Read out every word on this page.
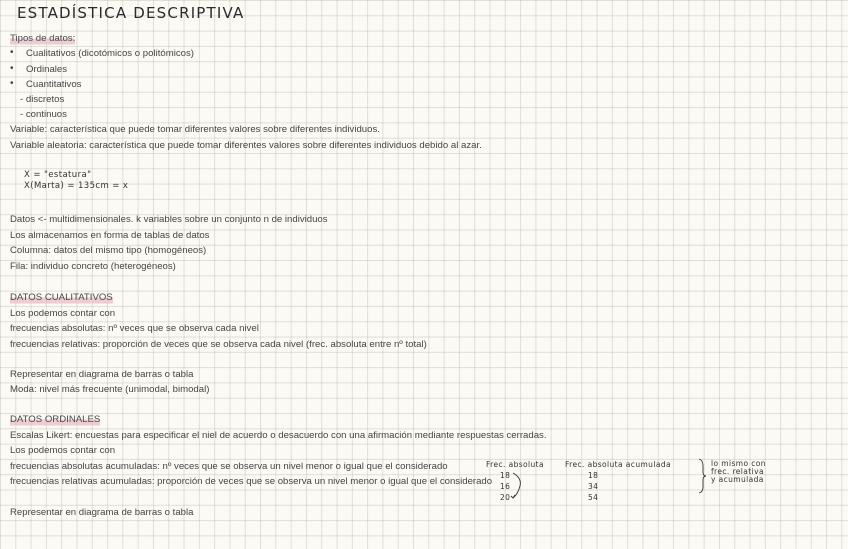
ESTADÍSTICA DESCRIPTIVA
Tipos de datos:
• Cualitativos (dicotómicos o politómicos)
• Ordinales
• Cuantitativos
- discretos
- continuos
Variable: característica que puede tomar diferentes valores sobre diferentes individuos.
Variable aleatoria: característica que puede tomar diferentes valores sobre diferentes individuos debido al azar.
X = "estatura"
X(Marta) = 135cm = x
Datos <- multidimensionales. k variables sobre un conjunto n de individuos
Los almacenamos en forma de tablas de datos
Columna: datos del mismo tipo (homogéneos)
Fila: individuo concreto (heterogéneos)
DATOS CUALITATIVOS
Los podemos contar con
frecuencias absolutas: nº veces que se observa cada nivel
frecuencias relativas: proporción de veces que se observa cada nivel (frec. absoluta entre nº total)
Representar en diagrama de barras o tabla
Moda: nivel más frecuente (unimodal, bimodal)
DATOS ORDINALES
Escalas Likert: encuestas para especificar el niel de acuerdo o desacuerdo con una afirmación mediante respuestas cerradas.
Los podemos contar con
frecuencias absolutas acumuladas: nº veces que se observa un nivel menor o igual que el considerado
frecuencias relativas acumuladas: proporción de veces que se observa un nivel menor o igual que el considerado
Representar en diagrama de barras o tabla
Frec. absoluta
18
16
20
Frec. absoluta acumulada
18
34
54
lo mismo con
frec. relativa
y acumulada
